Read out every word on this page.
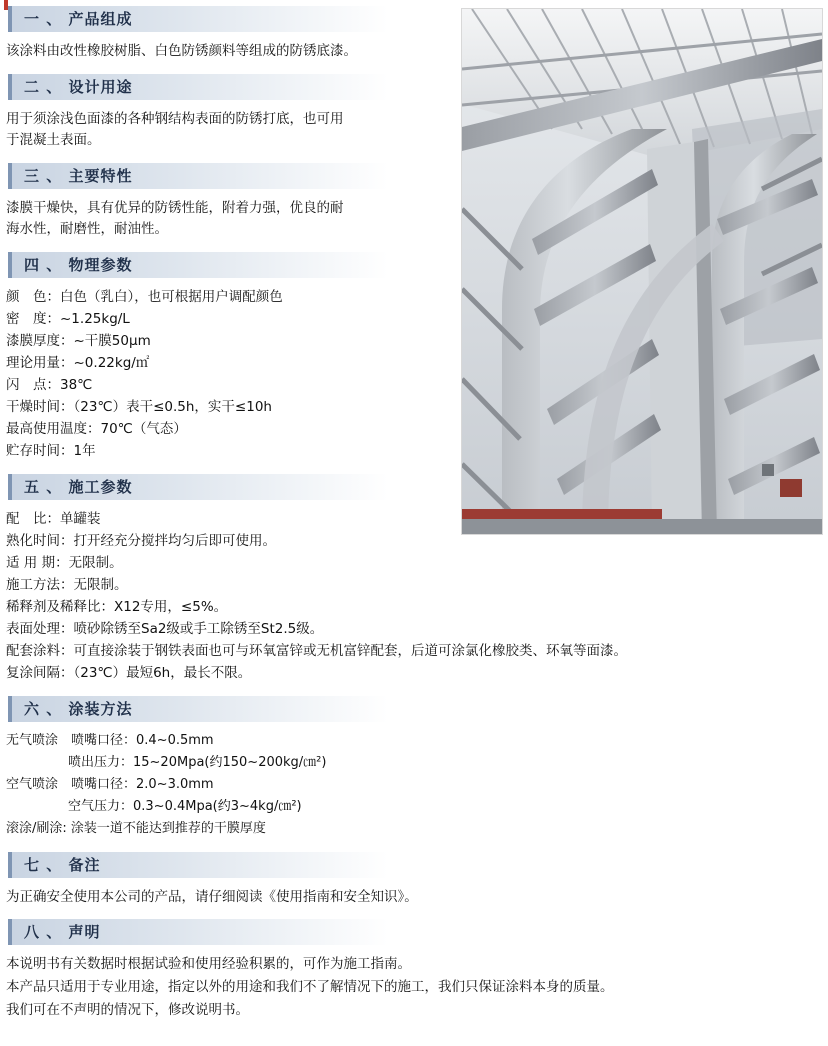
一 、 产品组成
该涂料由改性橡胶树脂、白色防锈颜料等组成的防锈底漆。
二 、 设计用途
用于须涂浅色面漆的各种钢结构表面的防锈打底，也可用
于混凝土表面。
三 、 主要特性
漆膜干燥快，具有优异的防锈性能，附着力强，优良的耐
海水性，耐磨性，耐油性。
四 、 物理参数
颜　色：白色（乳白），也可根据用户调配颜色
密　度：~1.25kg/L
漆膜厚度：~干膜50μm
理论用量：~0.22kg/㎡
闪　点：38℃
干燥时间：（23℃）表干≤0.5h，实干≤10h
最高使用温度：70℃（气态）
贮存时间：1年
五 、 施工参数
配　比：单罐装
熟化时间：打开经充分搅拌均匀后即可使用。
适 用 期：无限制。
施工方法：无限制。
稀释剂及稀释比：X12专用，≤5%。
表面处理：喷砂除锈至Sa2级或手工除锈至St2.5级。
配套涂料：可直接涂装于钢铁表面也可与环氧富锌或无机富锌配套，后道可涂氯化橡胶类、环氧等面漆。
复涂间隔：（23℃）最短6h，最长不限。
六 、 涂装方法
无气喷涂　喷嘴口径：0.4~0.5mm
喷出压力：15~20Mpa(约150~200kg/㎝²)
空气喷涂　喷嘴口径：2.0~3.0mm
空气压力：0.3~0.4Mpa(约3~4kg/㎝²)
滚涂/刷涂: 涂装一道不能达到推荐的干膜厚度
七 、 备注
为正确安全使用本公司的产品，请仔细阅读《使用指南和安全知识》。
八 、 声明
本说明书有关数据时根据试验和使用经验积累的，可作为施工指南。
本产品只适用于专业用途，指定以外的用途和我们不了解情况下的施工，我们只保证涂料本身的质量。
我们可在不声明的情况下，修改说明书。
